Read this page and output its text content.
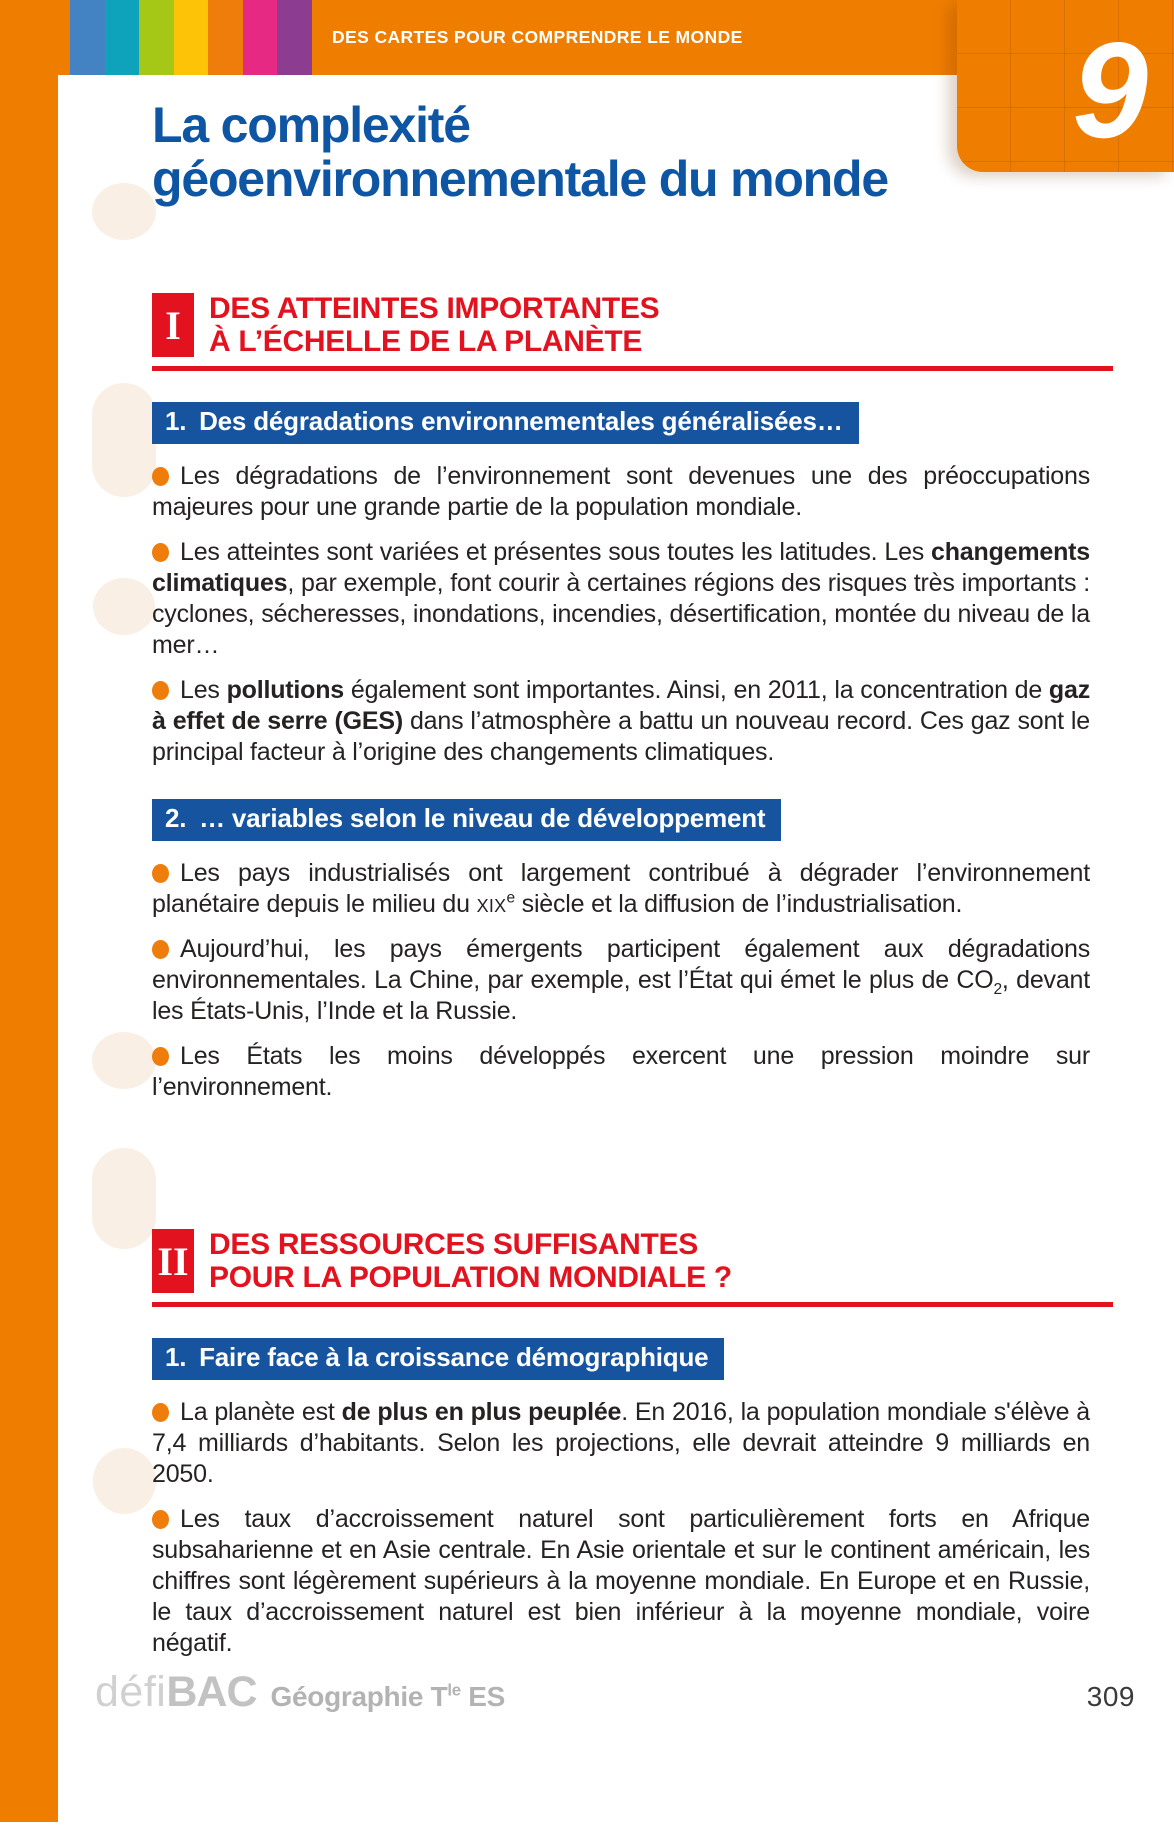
DES CARTES POUR COMPRENDRE LE MONDE 9
La complexité
géoenvironnementale du monde
I DES ATTEINTES IMPORTANTES
À L’ÉCHELLE DE LA PLANÈTE
1. Des dégradations environnementales généralisées…

Les dégradations de l’environnement sont devenues une des préoccupations majeures pour une grande partie de la population mondiale.

Les atteintes sont variées et présentes sous toutes les latitudes. Les changements climatiques, par exemple, font courir à certaines régions des risques très importants : cyclones, sécheresses, inondations, incendies, désertification, montée du niveau de la mer…

Les pollutions également sont importantes. Ainsi, en 2011, la concentration de gaz à effet de serre (GES) dans l’atmosphère a battu un nouveau record. Ces gaz sont le principal facteur à l’origine des changements climatiques.

2. … variables selon le niveau de développement

Les pays industrialisés ont largement contribué à dégrader l’environnement planétaire depuis le milieu du xix$^e$ siècle et la diffusion de l’industrialisation.

Aujourd’hui, les pays émergents participent également aux dégradations environnementales. La Chine, par exemple, est l’État qui émet le plus de $CO_2$, devant les États-Unis, l’Inde et la Russie.

Les États les moins développés exercent une pression moindre sur l’environnement.

II DES RESSOURCES SUFFISANTES
POUR LA POPULATION MONDIALE ?
1. Faire face à la croissance démographique

La planète est de plus en plus peuplée. En 2016, la population mondiale s'élève à 7,4 milliards d’habitants. Selon les projections, elle devrait atteindre 9 milliards en 2050.

Les taux d’accroissement naturel sont particulièrement forts en Afrique subsaharienne et en Asie centrale. En Asie orientale et sur le continent américain, les chiffres sont légèrement supérieurs à la moyenne mondiale. En Europe et en Russie, le taux d’accroissement naturel est bien inférieur à la moyenne mondiale, voire négatif.

défi BAC Géographie $T^{le}$ ES	309
